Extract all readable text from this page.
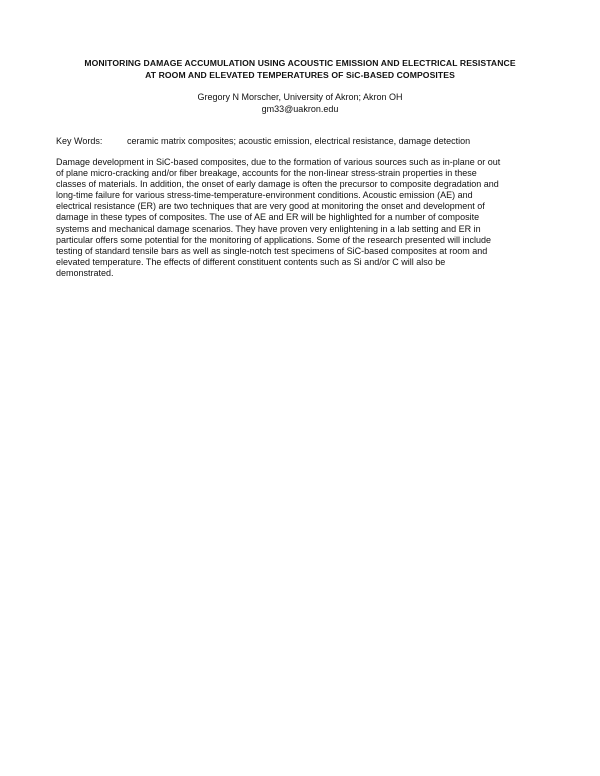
MONITORING DAMAGE ACCUMULATION USING ACOUSTIC EMISSION AND ELECTRICAL RESISTANCE
AT ROOM AND ELEVATED TEMPERATURES OF SiC-BASED COMPOSITES
Gregory N Morscher, University of Akron; Akron OH
gm33@uakron.edu
Key Words:	ceramic matrix composites; acoustic emission, electrical resistance, damage detection
Damage development in SiC-based composites, due to the formation of various sources such as in-plane or out
of plane micro-cracking and/or fiber breakage, accounts for the non-linear stress-strain properties in these
classes of materials. In addition, the onset of early damage is often the precursor to composite degradation and
long-time failure for various stress-time-temperature-environment conditions. Acoustic emission (AE) and
electrical resistance (ER) are two techniques that are very good at monitoring the onset and development of
damage in these types of composites. The use of AE and ER will be highlighted for a number of composite
systems and mechanical damage scenarios. They have proven very enlightening in a lab setting and ER in
particular offers some potential for the monitoring of applications. Some of the research presented will include
testing of standard tensile bars as well as single-notch test specimens of SiC-based composites at room and
elevated temperature. The effects of different constituent contents such as Si and/or C will also be
demonstrated.
